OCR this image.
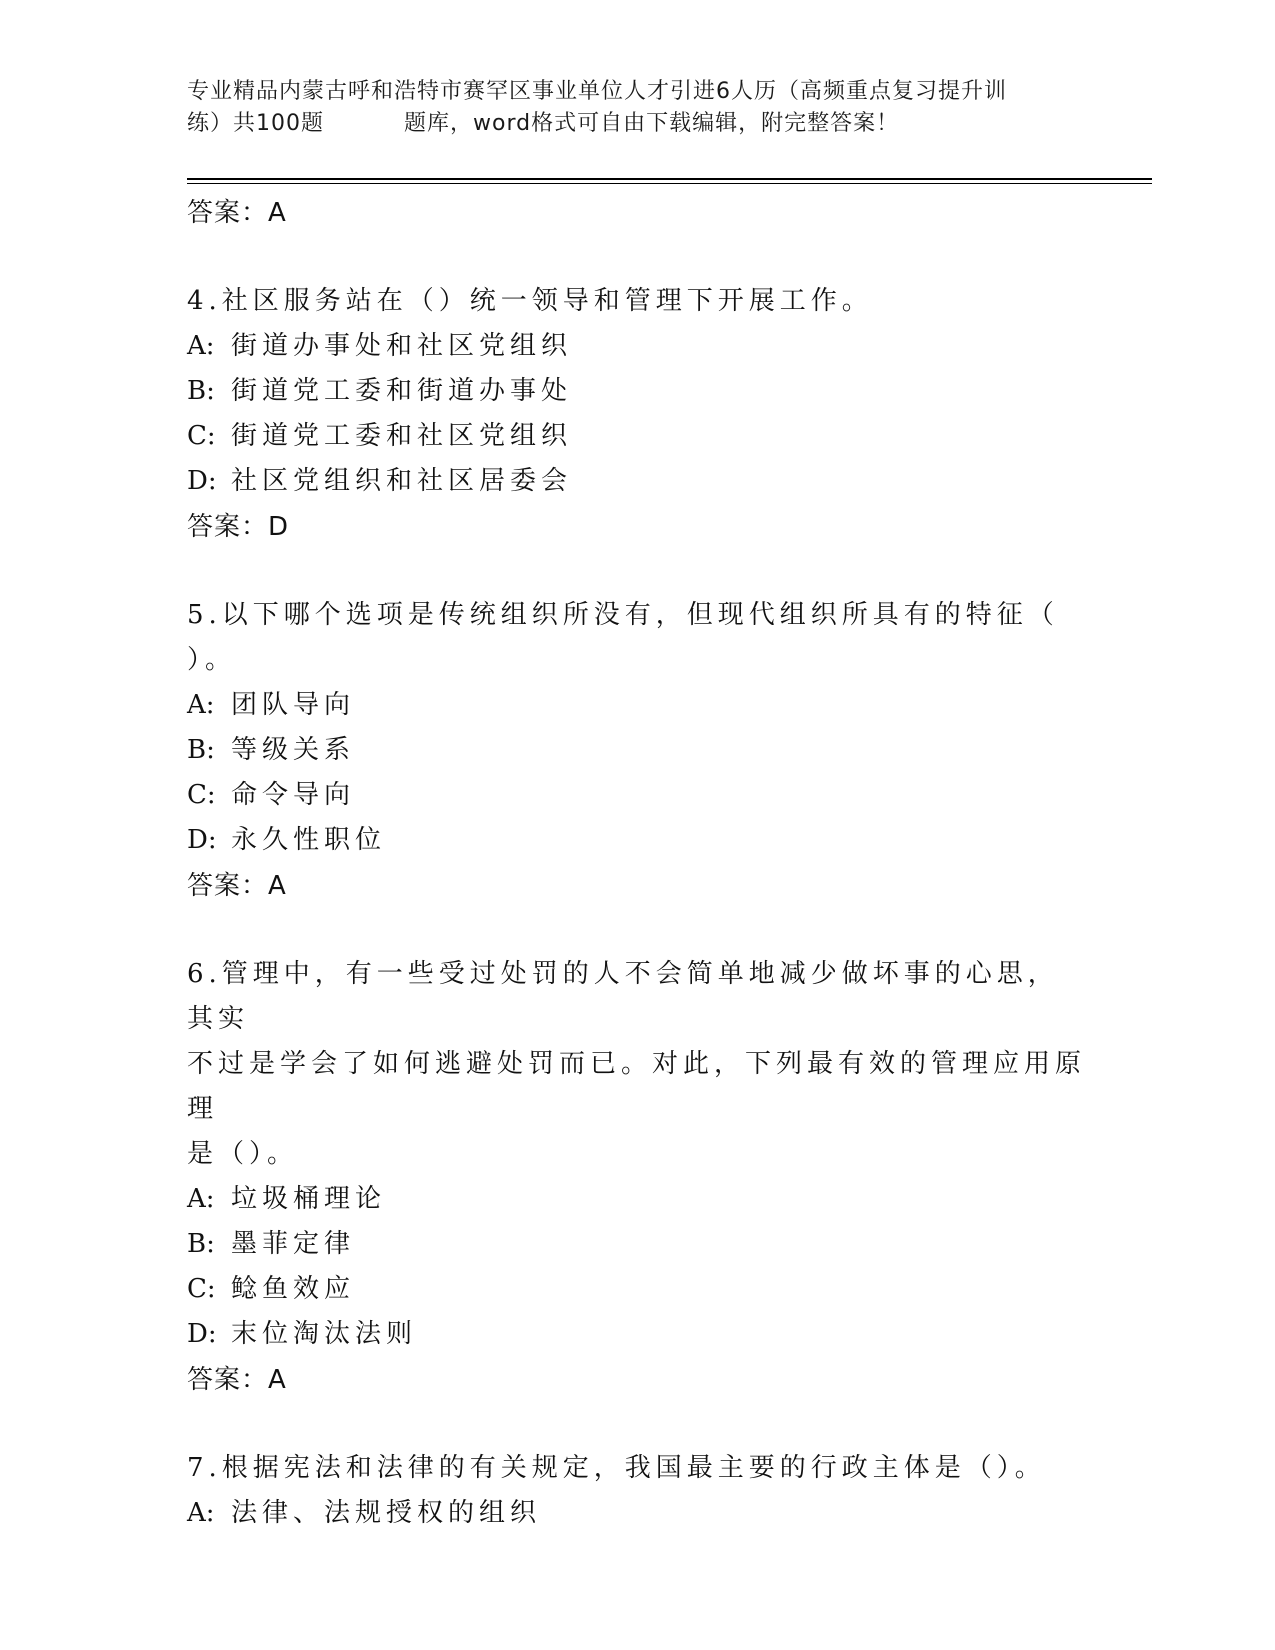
专业精品内蒙古呼和浩特市赛罕区事业单位人才引进6人历（高频重点复习提升训
练）共100题	题库，word格式可自由下载编辑，附完整答案！
答案：A
4.社区服务站在（）统一领导和管理下开展工作。
A: 街道办事处和社区党组织
B: 街道党工委和街道办事处
C: 街道党工委和社区党组织
D: 社区党组织和社区居委会
答案：D
5.以下哪个选项是传统组织所没有，但现代组织所具有的特征（
）。
A: 团队导向
B: 等级关系
C: 命令导向
D: 永久性职位
答案：A
6.管理中，有一些受过处罚的人不会简单地减少做坏事的心思，其实
不过是学会了如何逃避处罚而已。对此，下列最有效的管理应用原理
是（）。
A: 垃圾桶理论
B: 墨菲定律
C: 鲶鱼效应
D: 末位淘汰法则
答案：A
7.根据宪法和法律的有关规定，我国最主要的行政主体是（）。
A: 法律、法规授权的组织
